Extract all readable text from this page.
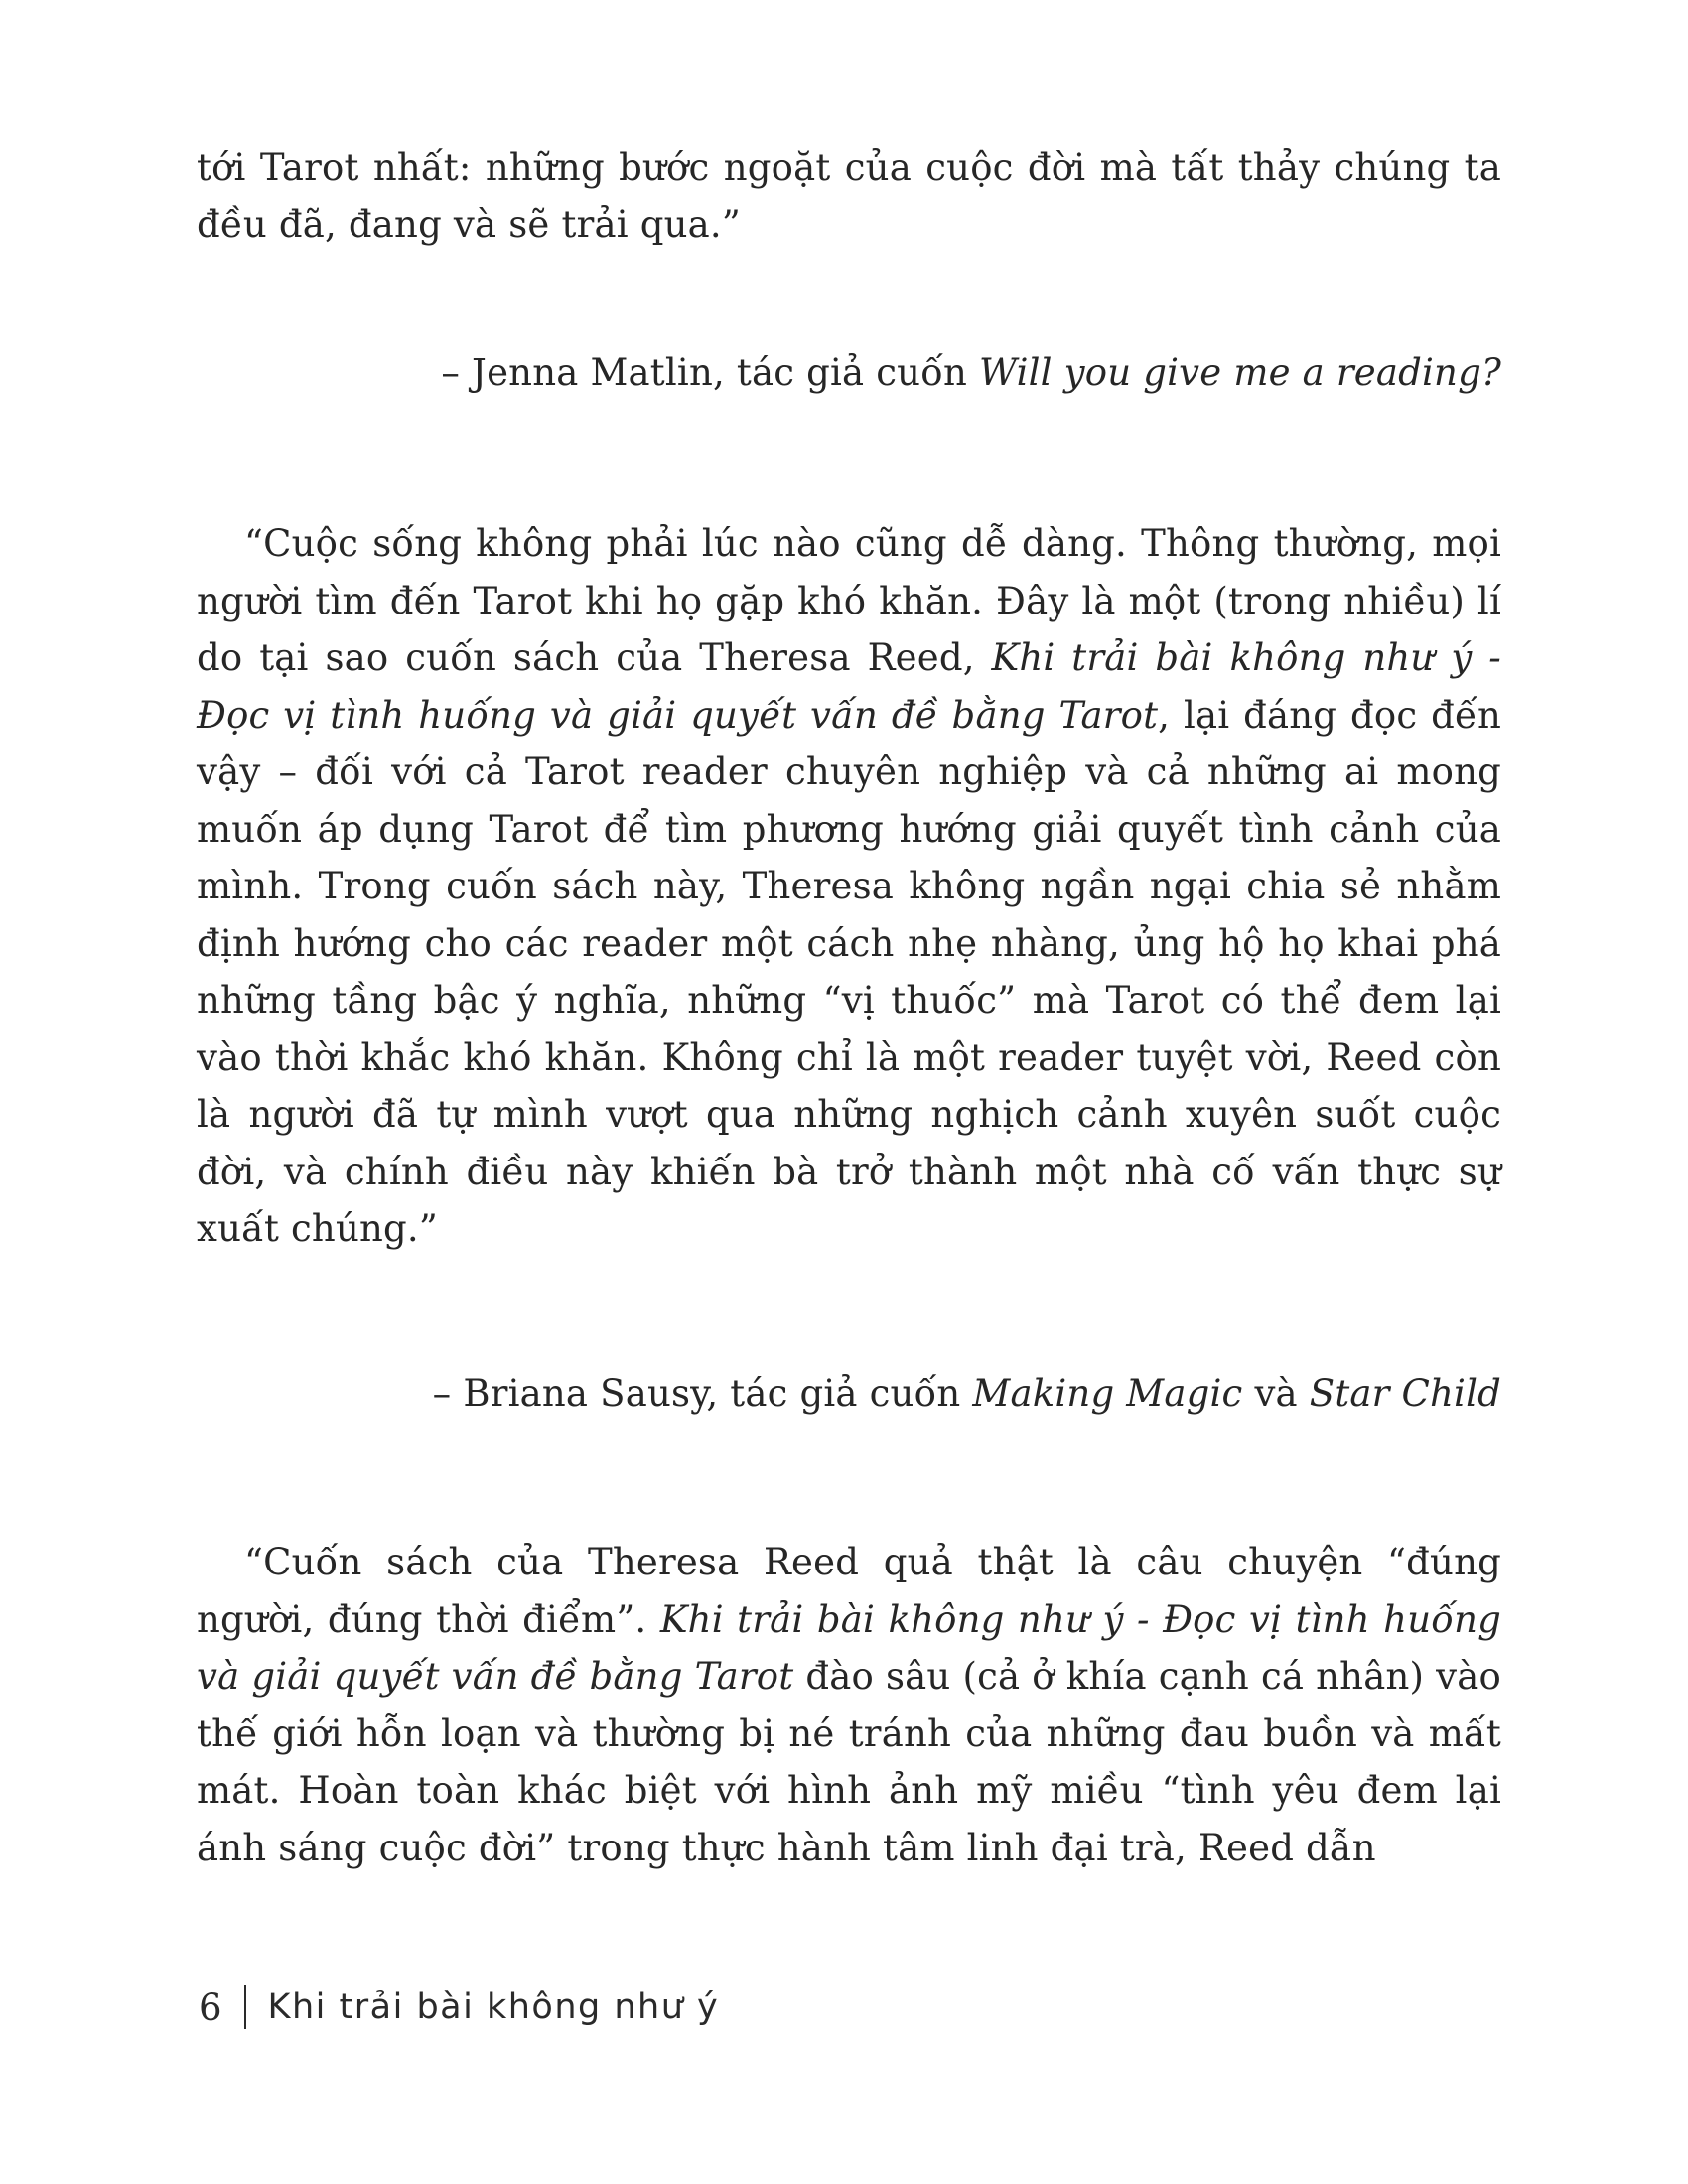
tới Tarot nhất: những bước ngoặt của cuộc đời mà tất thảy chúng ta đều đã, đang và sẽ trải qua.”

– Jenna Matlin, tác giả cuốn Will you give me a reading?

“Cuộc sống không phải lúc nào cũng dễ dàng. Thông thường, mọi người tìm đến Tarot khi họ gặp khó khăn. Đây là một (trong nhiều) lí do tại sao cuốn sách của Theresa Reed, Khi trải bài không như ý - Đọc vị tình huống và giải quyết vấn đề bằng Tarot, lại đáng đọc đến vậy – đối với cả Tarot reader chuyên nghiệp và cả những ai mong muốn áp dụng Tarot để tìm phương hướng giải quyết tình cảnh của mình. Trong cuốn sách này, Theresa không ngần ngại chia sẻ nhằm định hướng cho các reader một cách nhẹ nhàng, ủng hộ họ khai phá những tầng bậc ý nghĩa, những “vị thuốc” mà Tarot có thể đem lại vào thời khắc khó khăn. Không chỉ là một reader tuyệt vời, Reed còn là người đã tự mình vượt qua những nghịch cảnh xuyên suốt cuộc đời, và chính điều này khiến bà trở thành một nhà cố vấn thực sự xuất chúng.”

– Briana Sausy, tác giả cuốn Making Magic và Star Child

“Cuốn sách của Theresa Reed quả thật là câu chuyện “đúng người, đúng thời điểm”. Khi trải bài không như ý - Đọc vị tình huống và giải quyết vấn đề bằng Tarot đào sâu (cả ở khía cạnh cá nhân) vào thế giới hỗn loạn và thường bị né tránh của những đau buồn và mất mát. Hoàn toàn khác biệt với hình ảnh mỹ miều “tình yêu đem lại ánh sáng cuộc đời” trong thực hành tâm linh đại trà, Reed dẫn

6 Khi trải bài không như ý
